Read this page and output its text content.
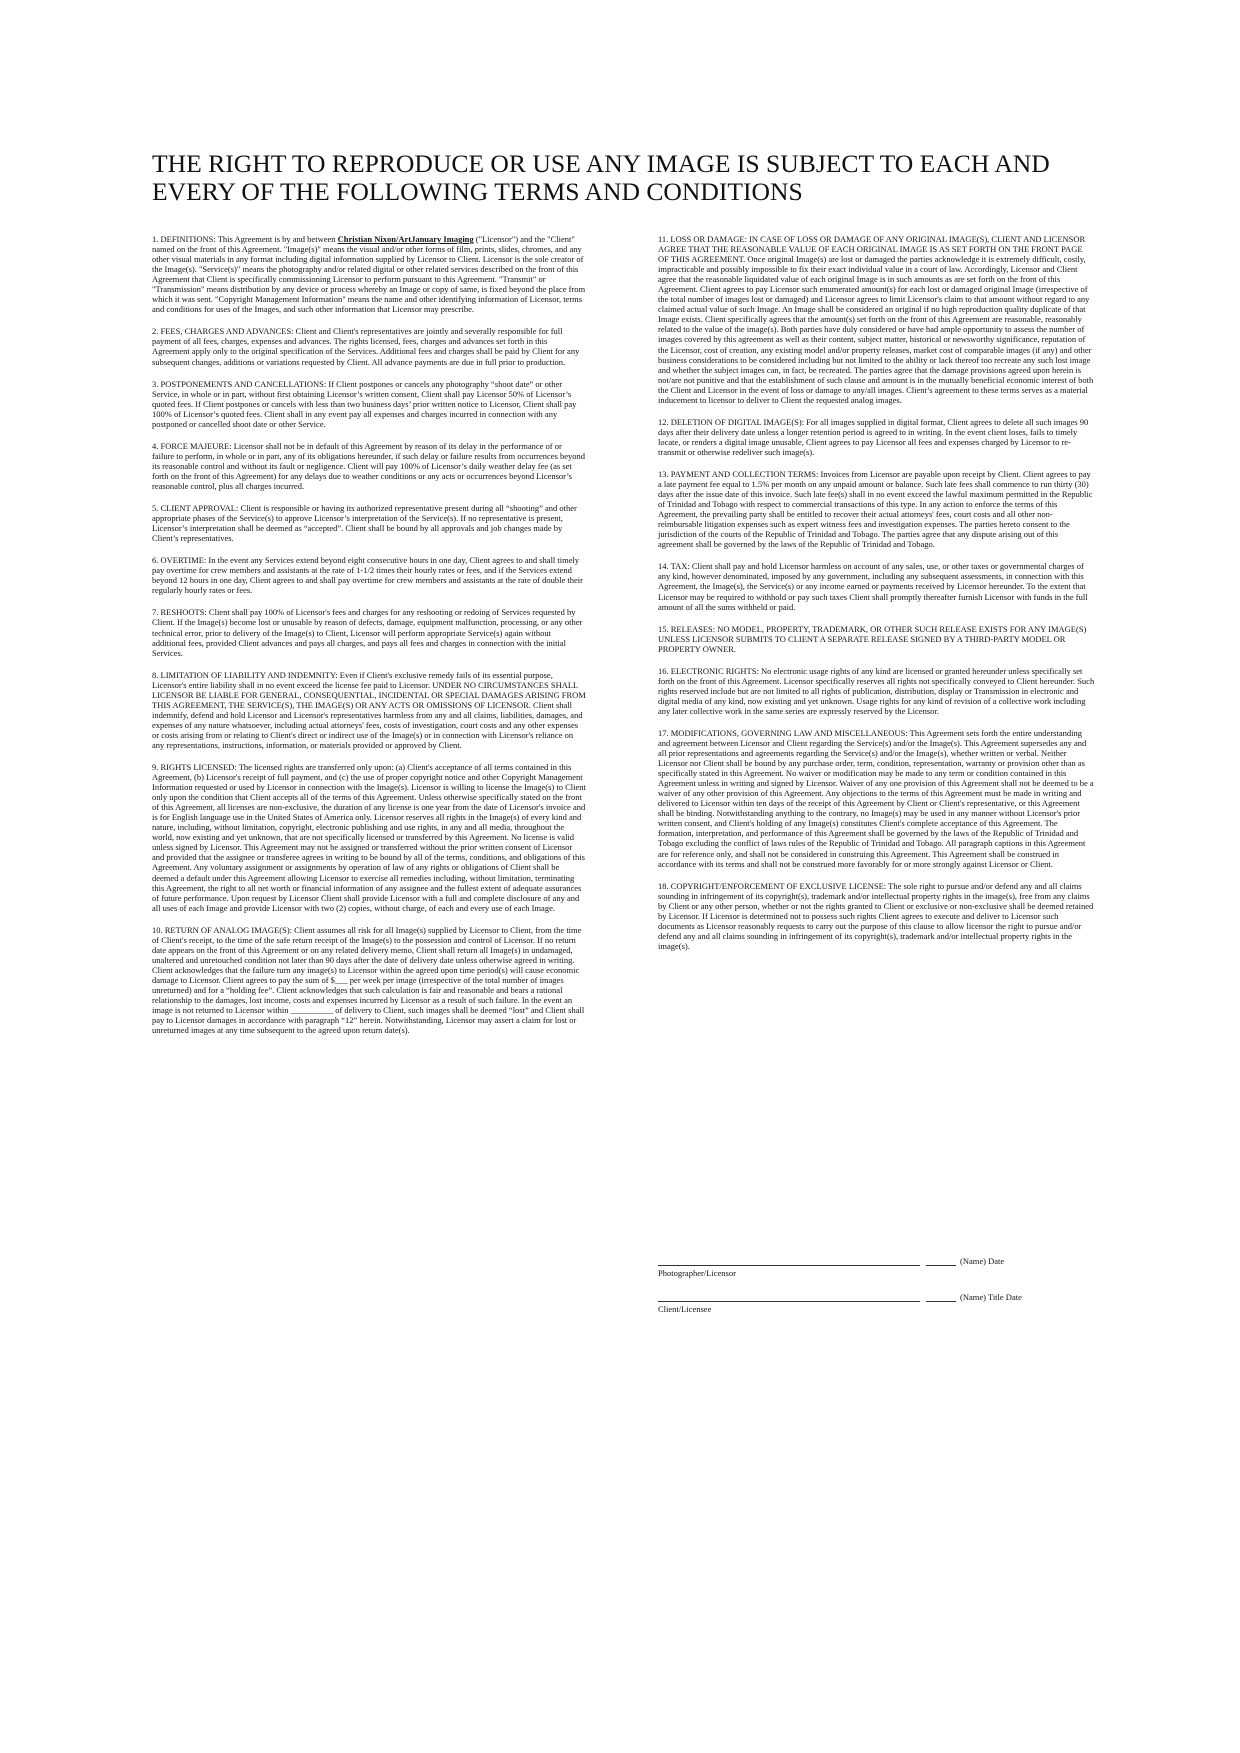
THE RIGHT TO REPRODUCE OR USE ANY IMAGE IS SUBJECT TO EACH AND EVERY OF THE FOLLOWING TERMS AND CONDITIONS

1. DEFINITIONS: This Agreement is by and between Christian Nixon/ArtJanuary Imaging ("Licensor") and the "Client" named on the front of this Agreement. "Image(s)" means the visual and/or other forms of film, prints, slides, chromes, and any other visual materials in any format including digital information supplied by Licensor to Client. Licensor is the sole creator of the Image(s). "Service(s)" means the photography and/or related digital or other related services described on the front of this Agreement that Client is specifically commissioning Licensor to perform pursuant to this Agreement. "Transmit" or "Transmission" means distribution by any device or process whereby an Image or copy of same, is fixed beyond the place from which it was sent. "Copyright Management Information" means the name and other identifying information of Licensor, terms and conditions for uses of the Images, and such other information that Licensor may prescribe.

2. FEES, CHARGES AND ADVANCES: Client and Client's representatives are jointly and severally responsible for full payment of all fees, charges, expenses and advances. The rights licensed, fees, charges and advances set forth in this Agreement apply only to the original specification of the Services. Additional fees and charges shall be paid by Client for any subsequent changes, additions or variations requested by Client. All advance payments are due in full prior to production.

3. POSTPONEMENTS AND CANCELLATIONS: If Client postpones or cancels any photography “shoot date” or other Service, in whole or in part, without first obtaining Licensor’s written consent, Client shall pay Licensor 50% of Licensor’s quoted fees. If Client postpones or cancels with less than two business days’ prior written notice to Licensor, Client shall pay 100% of Licensor’s quoted fees. Client shall in any event pay all expenses and charges incurred in connection with any postponed or cancelled shoot date or other Service.

4. FORCE MAJEURE: Licensor shall not be in default of this Agreement by reason of its delay in the performance of or failure to perform, in whole or in part, any of its obligations hereunder, if such delay or failure results from occurrences beyond its reasonable control and without its fault or negligence. Client will pay 100% of Licensor’s daily weather delay fee (as set forth on the front of this Agreement) for any delays due to weather conditions or any acts or occurrences beyond Licensor’s reasonable control, plus all charges incurred.

5. CLIENT APPROVAL: Client is responsible or having its authorized representative present during all “shooting” and other appropriate phases of the Service(s) to approve Licensor’s interpretation of the Service(s). If no representative is present, Licensor’s interpretation shall be deemed as “accepted”. Client shall be bound by all approvals and job changes made by Client’s representatives.

6. OVERTIME: In the event any Services extend beyond eight consecutive hours in one day, Client agrees to and shall timely pay overtime for crew members and assistants at the rate of 1-1/2 times their hourly rates or fees, and if the Services extend beyond 12 hours in one day, Client agrees to and shall pay overtime for crew members and assistants at the rate of double their regularly hourly rates or fees.

7. RESHOOTS: Client shall pay 100% of Licensor's fees and charges for any reshooting or redoing of Services requested by Client. If the Image(s) become lost or unusable by reason of defects, damage, equipment malfunction, processing, or any other technical error, prior to delivery of the Image(s) to Client, Licensor will perform appropriate Service(s) again without additional fees, provided Client advances and pays all charges, and pays all fees and charges in connection with the initial Services.

8. LIMITATION OF LIABILITY AND INDEMNITY: Even if Client's exclusive remedy fails of its essential purpose, Licensor's entire liability shall in no event exceed the license fee paid to Licensor. UNDER NO CIRCUMSTANCES SHALL LICENSOR BE LIABLE FOR GENERAL, CONSEQUENTIAL, INCIDENTAL OR SPECIAL DAMAGES ARISING FROM THIS AGREEMENT, THE SERVICE(S), THE IMAGE(S) OR ANY ACTS OR OMISSIONS OF LICENSOR. Client shall indemnify, defend and hold Licensor and Licensor's representatives harmless from any and all claims, liabilities, damages, and expenses of any nature whatsoever, including actual attorneys' fees, costs of investigation, court costs and any other expenses or costs arising from or relating to Client's direct or indirect use of the Image(s) or in connection with Licensor's reliance on any representations, instructions, information, or materials provided or approved by Client.

9. RIGHTS LICENSED: The licensed rights are transferred only upon: (a) Client's acceptance of all terms contained in this Agreement, (b) Licensor's receipt of full payment, and (c) the use of proper copyright notice and other Copyright Management Information requested or used by Licensor in connection with the Image(s). Licensor is willing to license the Image(s) to Client only upon the condition that Client accepts all of the terms of this Agreement. Unless otherwise specifically stated on the front of this Agreement, all licenses are non-exclusive, the duration of any license is one year from the date of Licensor's invoice and is for English language use in the United States of America only. Licensor reserves all rights in the Image(s) of every kind and nature, including, without limitation, copyright, electronic publishing and use rights, in any and all media, throughout the world, now existing and yet unknown, that are not specifically licensed or transferred by this Agreement. No license is valid unless signed by Licensor. This Agreement may not be assigned or transferred without the prior written consent of Licensor and provided that the assignee or transferee agrees in writing to be bound by all of the terms, conditions, and obligations of this Agreement. Any voluntary assignment or assignments by operation of law of any rights or obligations of Client shall be deemed a default under this Agreement allowing Licensor to exercise all remedies including, without limitation, terminating this Agreement, the right to all net worth or financial information of any assignee and the fullest extent of adequate assurances of future performance. Upon request by Licensor Client shall provide Licensor with a full and complete disclosure of any and all uses of each Image and provide Licensor with two (2) copies, without charge, of each and every use of each Image.

10. RETURN OF ANALOG IMAGE(S): Client assumes all risk for all Image(s) supplied by Licensor to Client, from the time of Client's receipt, to the time of the safe return receipt of the Image(s) to the possession and control of Licensor. If no return date appears on the front of this Agreement or on any related delivery memo, Client shall return all Image(s) in undamaged, unaltered and unretouched condition not later than 90 days after the date of delivery date unless otherwise agreed in writing. Client acknowledges that the failure turn any image(s) to Licensor within the agreed upon time period(s) will cause economic damage to Licensor. Client agrees to pay the sum of $___ per week per image (irrespective of the total number of images unreturned) and for a “holding fee”. Client acknowledges that such calculation is fair and reasonable and bears a rational relationship to the damages, lost income, costs and expenses incurred by Licensor as a result of such failure. In the event an image is not returned to Licensor within __________ of delivery to Client, such images shall be deemed “lost” and Client shall pay to Licensor damages in accordance with paragraph “12” herein. Notwithstanding, Licensor may assert a claim for lost or unreturned images at any time subsequent to the agreed upon return date(s).

11. LOSS OR DAMAGE: IN CASE OF LOSS OR DAMAGE OF ANY ORIGINAL IMAGE(S), CLIENT AND LICENSOR AGREE THAT THE REASONABLE VALUE OF EACH ORIGINAL IMAGE IS AS SET FORTH ON THE FRONT PAGE OF THIS AGREEMENT. Once original Image(s) are lost or damaged the parties acknowledge it is extremely difficult, costly, impracticable and possibly impossible to fix their exact individual value in a court of law. Accordingly, Licensor and Client agree that the reasonable liquidated value of each original Image is in such amounts as are set forth on the front of this Agreement. Client agrees to pay Licensor such enumerated amount(s) for each lost or damaged original Image (irrespective of the total number of images lost or damaged) and Licensor agrees to limit Licensor's claim to that amount without regard to any claimed actual value of such Image. An Image shall be considered an original if no high reproduction quality duplicate of that Image exists. Client specifically agrees that the amount(s) set forth on the front of this Agreement are reasonable, reasonably related to the value of the image(s). Both parties have duly considered or have had ample opportunity to assess the number of images covered by this agreement as well as their content, subject matter, historical or newsworthy significance, reputation of the Licensor, cost of creation, any existing model and/or property releases, market cost of comparable images (if any) and other business considerations to be considered including but not limited to the ability or lack thereof too recreate any such lost image and whether the subject images can, in fact, be recreated. The parties agree that the damage provisions agreed upon herein is not/are not punitive and that the establishment of such clause and amount is in the mutually beneficial economic interest of both the Client and Licensor in the event of loss or damage to any/all images. Client’s agreement to these terms serves as a material inducement to licensor to deliver to Client the requested analog images.

12. DELETION OF DIGITAL IMAGE(S): For all images supplied in digital format, Client agrees to delete all such images 90 days after their delivery date unless a longer retention period is agreed to in writing. In the event client loses, fails to timely locate, or renders a digital image unusable, Client agrees to pay Licensor all fees and expenses charged by Licensor to re-transmit or otherwise redeliver such image(s).

13. PAYMENT AND COLLECTION TERMS: Invoices from Licensor are payable upon receipt by Client. Client agrees to pay a late payment fee equal to 1.5% per month on any unpaid amount or balance. Such late fees shall commence to run thirty (30) days after the issue date of this invoice. Such late fee(s) shall in no event exceed the lawful maximum permitted in the Republic of Trinidad and Tobago with respect to commercial transactions of this type. In any action to enforce the terms of this Agreement, the prevailing party shall be entitled to recover their actual attorneys' fees, court costs and all other non-reimbursable litigation expenses such as expert witness fees and investigation expenses. The parties hereto consent to the jurisdiction of the courts of the Republic of Trinidad and Tobago. The parties agree that any dispute arising out of this agreement shall be governed by the laws of the Republic of Trinidad and Tobago.

14. TAX: Client shall pay and hold Licensor harmless on account of any sales, use, or other taxes or governmental charges of any kind, however denominated, imposed by any government, including any subsequent assessments, in connection with this Agreement, the Image(s), the Service(s) or any income earned or payments received by Licensor hereunder. To the extent that Licensor may be required to withhold or pay such taxes Client shall promptly thereafter furnish Licensor with funds in the full amount of all the sums withheld or paid.

15. RELEASES: NO MODEL, PROPERTY, TRADEMARK, OR OTHER SUCH RELEASE EXISTS FOR ANY IMAGE(S) UNLESS LICENSOR SUBMITS TO CLIENT A SEPARATE RELEASE SIGNED BY A THIRD-PARTY MODEL OR PROPERTY OWNER.

16. ELECTRONIC RIGHTS: No electronic usage rights of any kind are licensed or granted hereunder unless specifically set forth on the front of this Agreement. Licensor specifically reserves all rights not specifically conveyed to Client hereunder. Such rights reserved include but are not limited to all rights of publication, distribution, display or Transmission in electronic and digital media of any kind, now existing and yet unknown. Usage rights for any kind of revision of a collective work including any later collective work in the same series are expressly reserved by the Licensor.

17. MODIFICATIONS, GOVERNING LAW AND MISCELLANEOUS: This Agreement sets forth the entire understanding and agreement between Licensor and Client regarding the Service(s) and/or the Image(s). This Agreement supersedes any and all prior representations and agreements regarding the Service(s) and/or the Image(s), whether written or verbal. Neither Licensor nor Client shall be bound by any purchase order, term, condition, representation, warranty or provision other than as specifically stated in this Agreement. No waiver or modification may be made to any term or condition contained in this Agreement unless in writing and signed by Licensor. Waiver of any one provision of this Agreement shall not be deemed to be a waiver of any other provision of this Agreement. Any objections to the terms of this Agreement must be made in writing and delivered to Licensor within ten days of the receipt of this Agreement by Client or Client's representative, or this Agreement shall be binding. Notwithstanding anything to the contrary, no Image(s) may be used in any manner without Licensor's prior written consent, and Client's holding of any Image(s) constitutes Client's complete acceptance of this Agreement. The formation, interpretation, and performance of this Agreement shall be governed by the laws of the Republic of Trinidad and Tobago excluding the conflict of laws rules of the Republic of Trinidad and Tobago. All paragraph captions in this Agreement are for reference only, and shall not be considered in construing this Agreement. This Agreement shall be construed in accordance with its terms and shall not be construed more favorably for or more strongly against Licensor or Client.

18. COPYRIGHT/ENFORCEMENT OF EXCLUSIVE LICENSE: The sole right to pursue and/or defend any and all claims sounding in infringement of its copyright(s), trademark and/or intellectual property rights in the image(s), free from any claims by Client or any other person, whether or not the rights granted to Client or exclusive or non-exclusive shall be deemed retained by Licensor. If Licensor is determined not to possess such rights Client agrees to execute and deliver to Licensor such documents as Licensor reasonably requests to carry out the purpose of this clause to allow licensor the right to pursue and/or defend any and all claims sounding in infringement of its copyright(s), trademark and/or intellectual property rights in the image(s).

(Name) Date
Photographer/Licensor
(Name) Title Date
Client/Licensee
